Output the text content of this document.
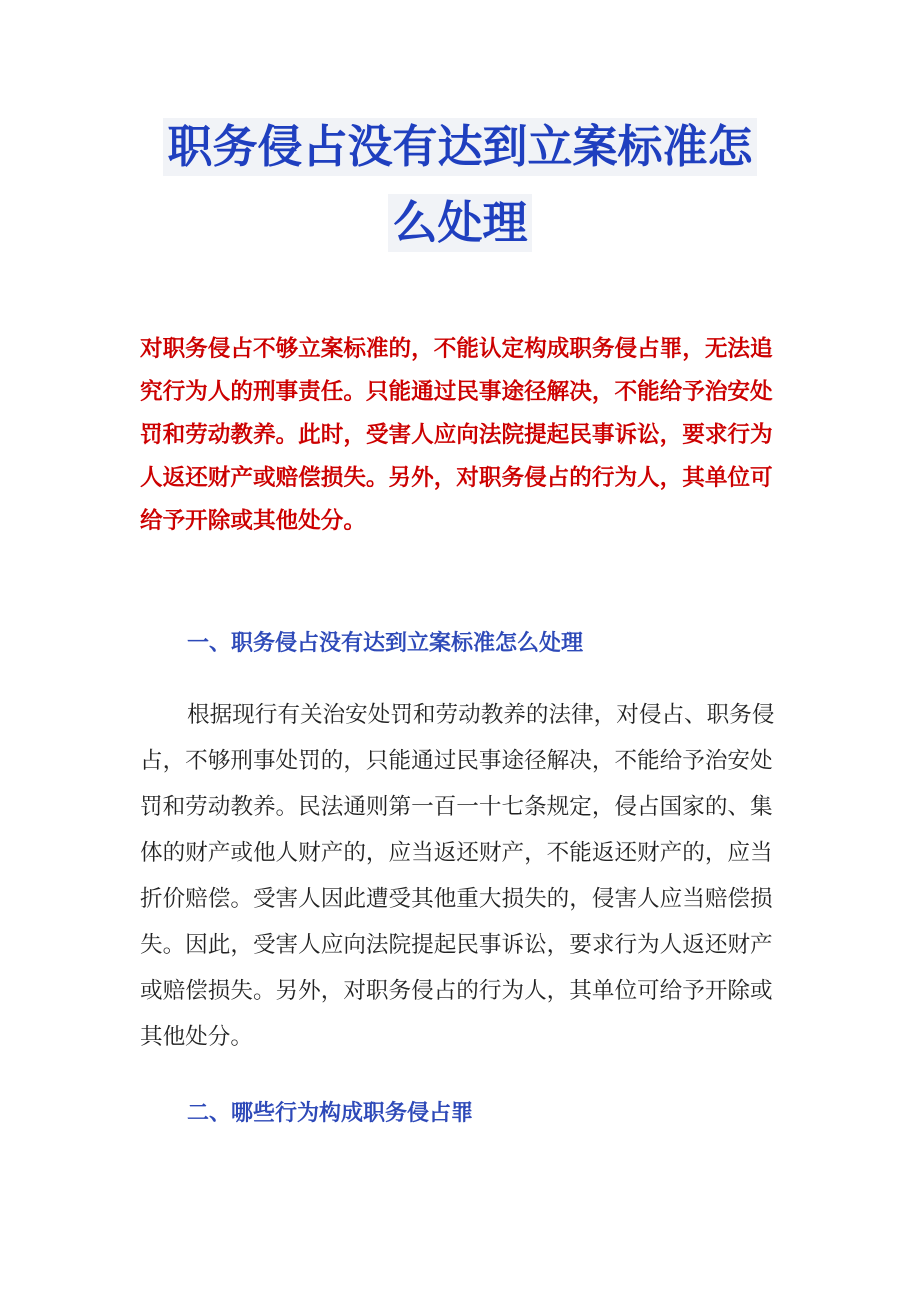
职务侵占没有达到立案标准怎
么处理

对职务侵占不够立案标准的，不能认定构成职务侵占罪，无法追究行为人的刑事责任。只能通过民事途径解决，不能给予治安处罚和劳动教养。此时，受害人应向法院提起民事诉讼，要求行为人返还财产或赔偿损失。另外，对职务侵占的行为人，其单位可给予开除或其他处分。

一、职务侵占没有达到立案标准怎么处理

根据现行有关治安处罚和劳动教养的法律，对侵占、职务侵占，不够刑事处罚的，只能通过民事途径解决，不能给予治安处罚和劳动教养。民法通则第一百一十七条规定，侵占国家的、集体的财产或他人财产的，应当返还财产，不能返还财产的，应当折价赔偿。受害人因此遭受其他重大损失的，侵害人应当赔偿损失。因此，受害人应向法院提起民事诉讼，要求行为人返还财产或赔偿损失。另外，对职务侵占的行为人，其单位可给予开除或其他处分。

二、哪些行为构成职务侵占罪
